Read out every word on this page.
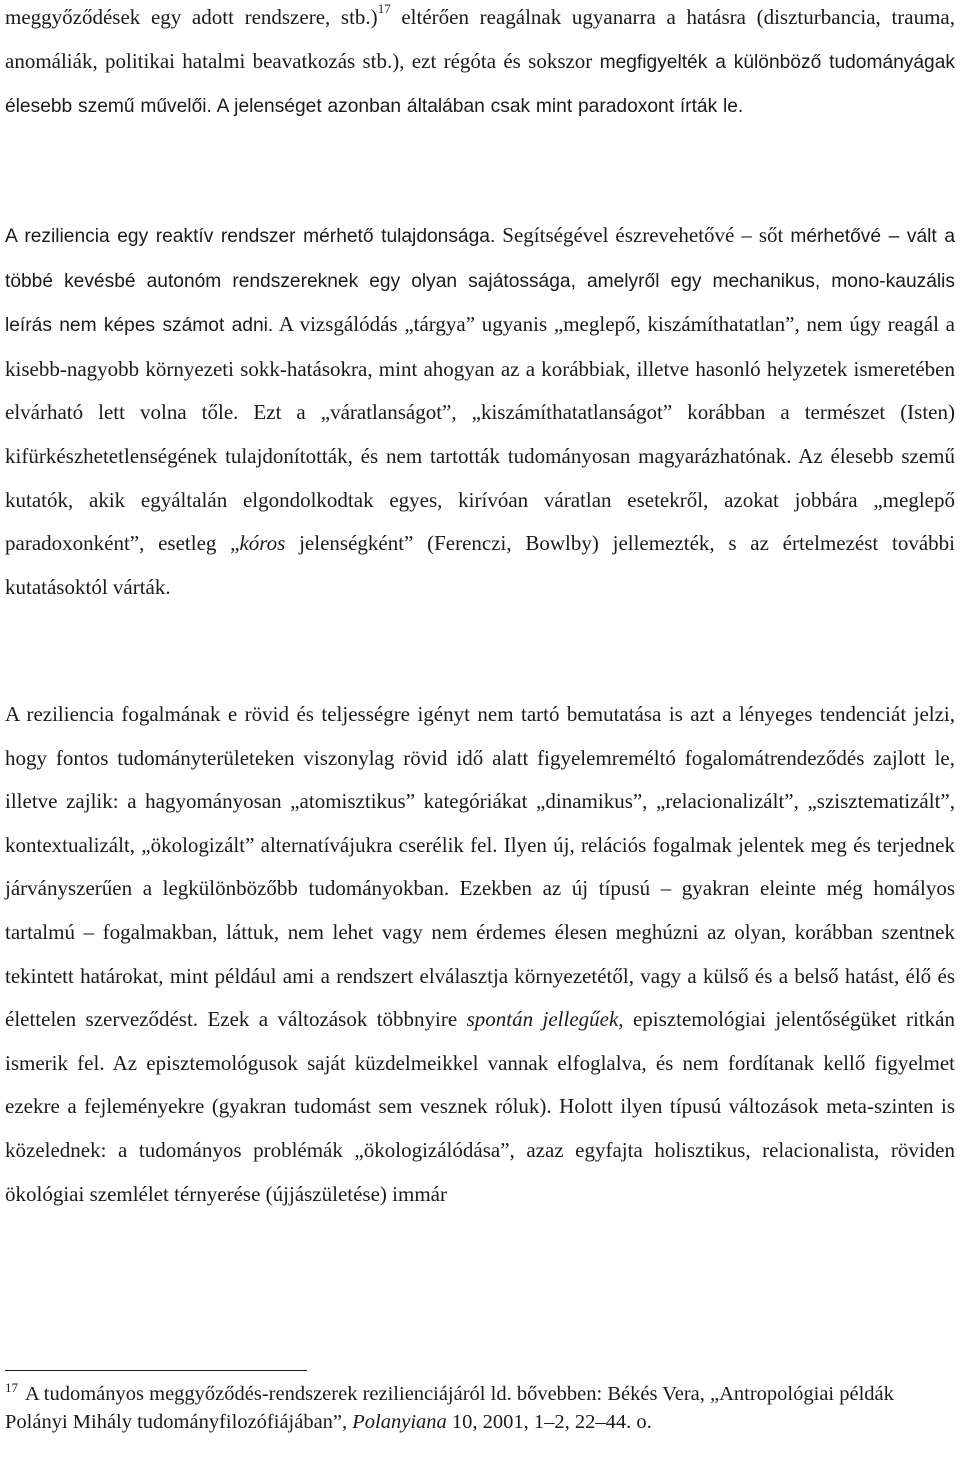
meggyőződések egy adott rendszere, stb.)$^{17}$ eltérően reagálnak ugyanarra a hatásra (diszturbancia, trauma, anomáliák, politikai hatalmi beavatkozás stb.), ezt régóta és sokszor megfigyelték a különböző tudományágak élesebb szemű művelői. A jelenséget azonban általában csak mint paradoxont írták le.

A reziliencia egy reaktív rendszer mérhető tulajdonsága. Segítségével észrevehetővé – sőt mérhetővé – vált a többé kevésbé autonóm rendszereknek egy olyan sajátossága, amelyről egy mechanikus, mono-kauzális leírás nem képes számot adni. A vizsgálódás „tárgya” ugyanis „meglepő, kiszámíthatatlan”, nem úgy reagál a kisebb-nagyobb környezeti sokk-hatásokra, mint ahogyan az a korábbiak, illetve hasonló helyzetek ismeretében elvárható lett volna tőle. Ezt a „váratlanságot”, „kiszámíthatatlanságot” korábban a természet (Isten) kifürkészhetetlenségének tulajdonították, és nem tartották tudományosan magyarázhatónak. Az élesebb szemű kutatók, akik egyáltalán elgondolkodtak egyes, kirívóan váratlan esetekről, azokat jobbára „meglepő paradoxonként”, esetleg „kóros jelenségként” (Ferenczi, Bowlby) jellemezték, s az értelmezést további kutatásoktól várták.

A reziliencia fogalmának e rövid és teljességre igényt nem tartó bemutatása is azt a lényeges tendenciát jelzi, hogy fontos tudományterületeken viszonylag rövid idő alatt figyelemreméltó fogalomátrendeződés zajlott le, illetve zajlik: a hagyományosan „atomisztikus” kategóriákat „dinamikus”, „relacionalizált”, „szisztematizált”, kontextualizált, „ökologizált” alternatívájukra cserélik fel. Ilyen új, relációs fogalmak jelentek meg és terjednek járványszerűen a legkülönbözőbb tudományokban. Ezekben az új típusú – gyakran eleinte még homályos tartalmú – fogalmakban, láttuk, nem lehet vagy nem érdemes élesen meghúzni az olyan, korábban szentnek tekintett határokat, mint például ami a rendszert elválasztja környezetétől, vagy a külső és a belső hatást, élő és élettelen szerveződést. Ezek a változások többnyire spontán jellegűek, episztemológiai jelentőségüket ritkán ismerik fel. Az episztemológusok saját küzdelmeikkel vannak elfoglalva, és nem fordítanak kellő figyelmet ezekre a fejleményekre (gyakran tudomást sem vesznek róluk). Holott ilyen típusú változások meta-szinten is közelednek: a tudományos problémák „ökologizálódása”, azaz egyfajta holisztikus, relacionalista, röviden ökológiai szemlélet térnyerése (újjászületése) immár

$^{17}$ A tudományos meggyőződés-rendszerek rezilienciájáról ld. bővebben: Békés Vera, „Antropológiai példák Polányi Mihály tudományfilozófiájában”, Polanyiana 10, 2001, 1–2, 22–44. o.
